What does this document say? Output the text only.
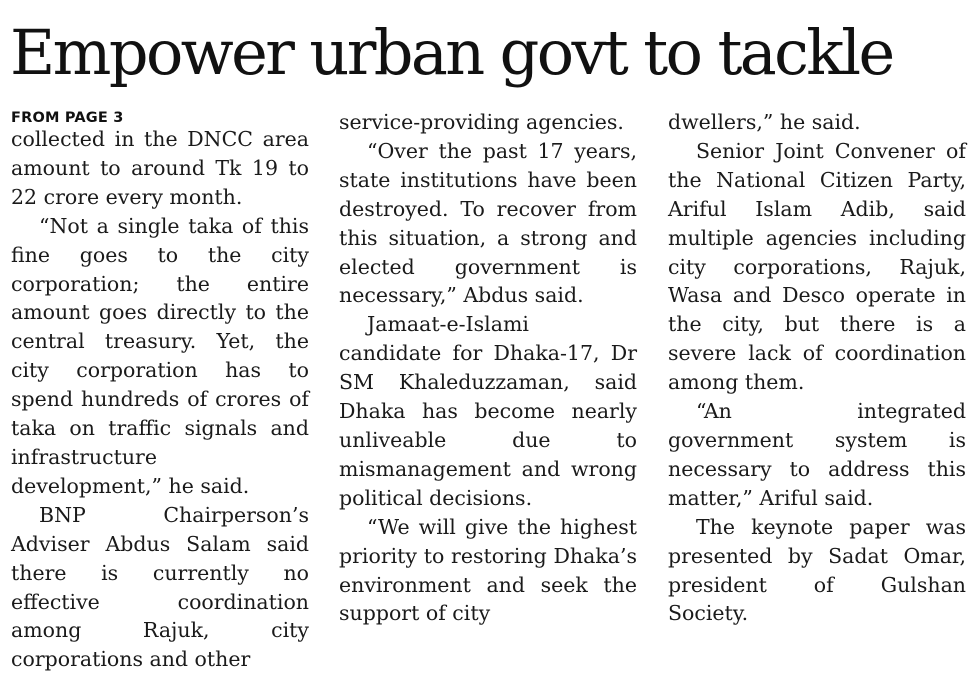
Empower urban govt to tackle
FROM PAGE 3

collected in the DNCC area amount to around Tk 19 to 22 crore every month.

“Not a single taka of this fine goes to the city corporation; the entire amount goes directly to the central treasury. Yet, the city corporation has to spend hundreds of crores of taka on traffic signals and infrastructure development,” he said.

BNP Chairperson’s Adviser Abdus Salam said there is currently no effective coordination among Rajuk, city corporations and other

service-providing agencies.

“Over the past 17 years, state institutions have been destroyed. To recover from this situation, a strong and elected government is necessary,” Abdus said.

Jamaat-e-Islami candidate for Dhaka-17, Dr SM Khaleduzzaman, said Dhaka has become nearly unliveable due to mismanagement and wrong political decisions.

“We will give the highest priority to restoring Dhaka’s environment and seek the support of city

dwellers,” he said.

Senior Joint Convener of the National Citizen Party, Ariful Islam Adib, said multiple agencies including city corporations, Rajuk, Wasa and Desco operate in the city, but there is a severe lack of coordination among them.

“An integrated government system is necessary to address this matter,” Ariful said.

The keynote paper was presented by Sadat Omar, president of Gulshan Society.
